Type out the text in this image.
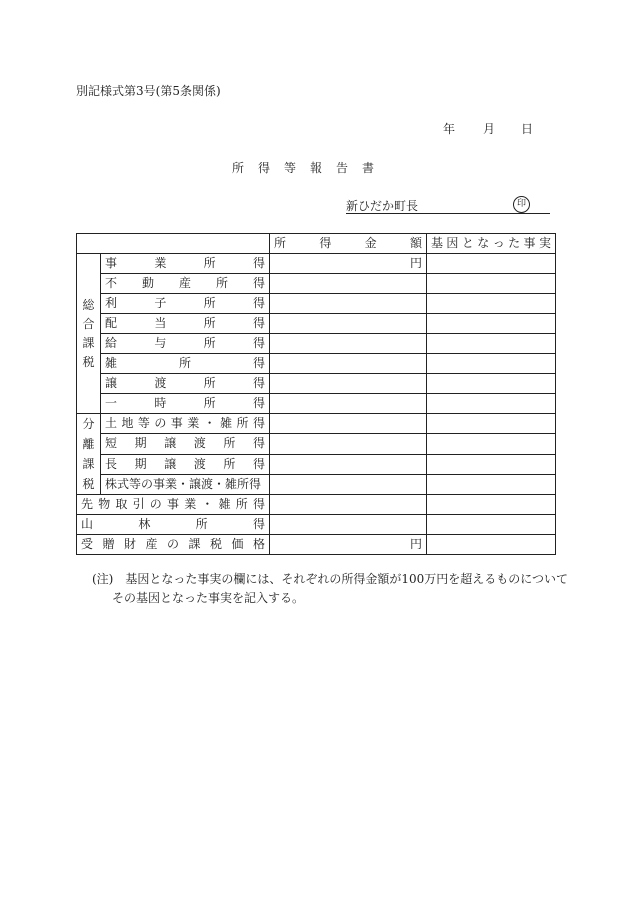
別記様式第3号(第5条関係)
年 月 日
所得等報告書
新ひだか町長	印
		所　得　金　額	基因となった事実

総
合
課
税	事　業　所　得	円	
	不　動　産　所　得		
	利　子　所　得		
	配　当　所　得		
	給　与　所　得		
	雑　所　得		
	譲　渡　所　得		
	一　時　所　得		

分
離
課
税	土地等の事業・雑所得		
	短　期　譲　渡　所　得		
	長　期　譲　渡　所　得		
	株式等の事業・譲渡・雑所得		
先物取引の事業・雑所得			
山　林　所　得			
受贈財産の課税価格		円	
(注)　基因となった事実の欄には、それぞれの所得金額が100万円を超えるものについて
その基因となった事実を記入する。
